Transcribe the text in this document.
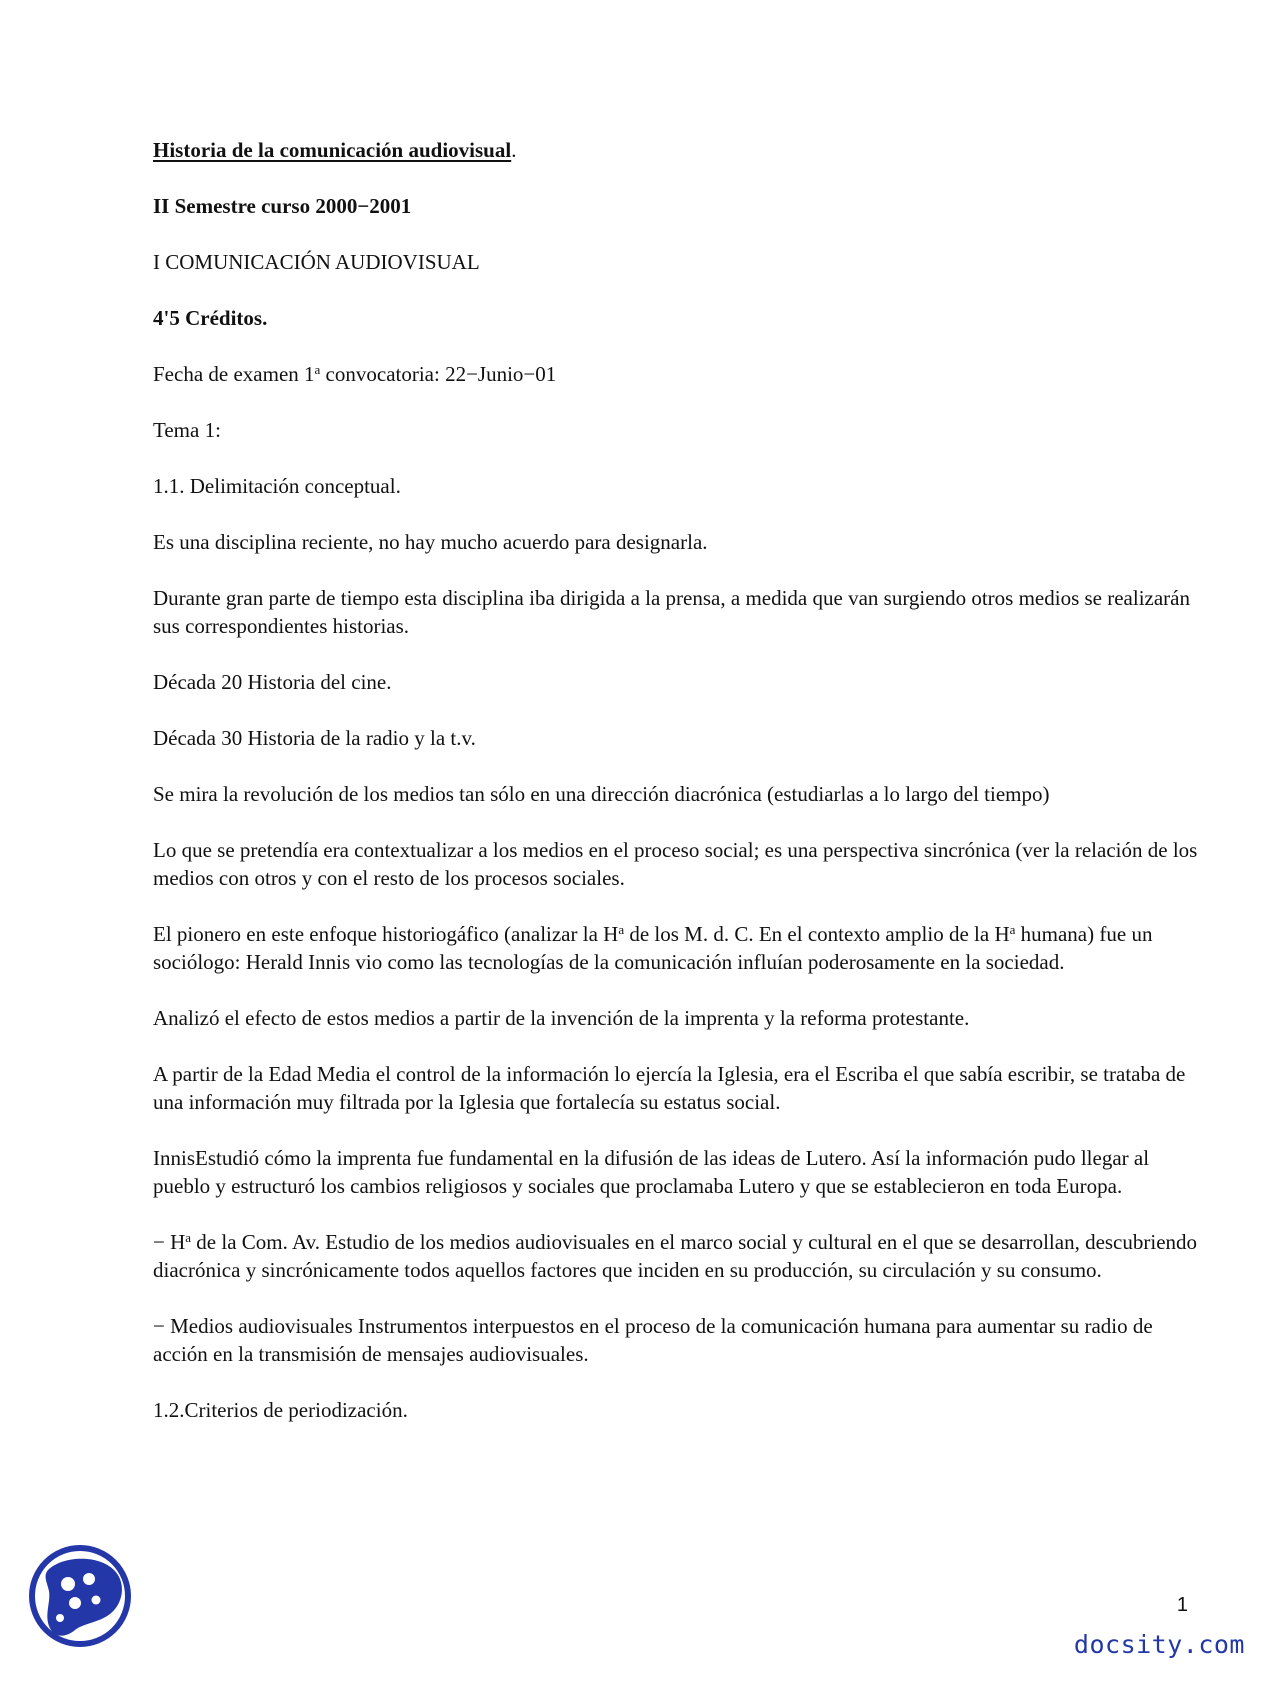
Historia de la comunicación audiovisual.

II Semestre curso 2000−2001

I COMUNICACIÓN AUDIOVISUAL

4'5 Créditos.

Fecha de examen 1$^a$ convocatoria: 22−Junio−01

Tema 1:

1.1. Delimitación conceptual.

Es una disciplina reciente, no hay mucho acuerdo para designarla.

Durante gran parte de tiempo esta disciplina iba dirigida a la prensa, a medida que van surgiendo otros medios se realizarán sus correspondientes historias.

Década 20 Historia del cine.

Década 30 Historia de la radio y la t.v.

Se mira la revolución de los medios tan sólo en una dirección diacrónica (estudiarlas a lo largo del tiempo)

Lo que se pretendía era contextualizar a los medios en el proceso social; es una perspectiva sincrónica (ver la relación de los medios con otros y con el resto de los procesos sociales.

El pionero en este enfoque historiogáfico (analizar la $H^a$ de los M. d. C. En el contexto amplio de la $H^a$ humana) fue un sociólogo: Herald Innis vio como las tecnologías de la comunicación influían poderosamente en la sociedad.

Analizó el efecto de estos medios a partir de la invención de la imprenta y la reforma protestante.

A partir de la Edad Media el control de la información lo ejercía la Iglesia, era el Escriba el que sabía escribir, se trataba de una información muy filtrada por la Iglesia que fortalecía su estatus social.

InnisEstudió cómo la imprenta fue fundamental en la difusión de las ideas de Lutero. Así la información pudo llegar al pueblo y estructuró los cambios religiosos y sociales que proclamaba Lutero y que se establecieron en toda Europa.

− $H^a$ de la Com. Av. Estudio de los medios audiovisuales en el marco social y cultural en el que se desarrollan, descubriendo diacrónica y sincrónicamente todos aquellos factores que inciden en su producción, su circulación y su consumo.

− Medios audiovisuales Instrumentos interpuestos en el proceso de la comunicación humana para aumentar su radio de acción en la transmisión de mensajes audiovisuales.

1.2.Criterios de periodización.

1
docsity.com
